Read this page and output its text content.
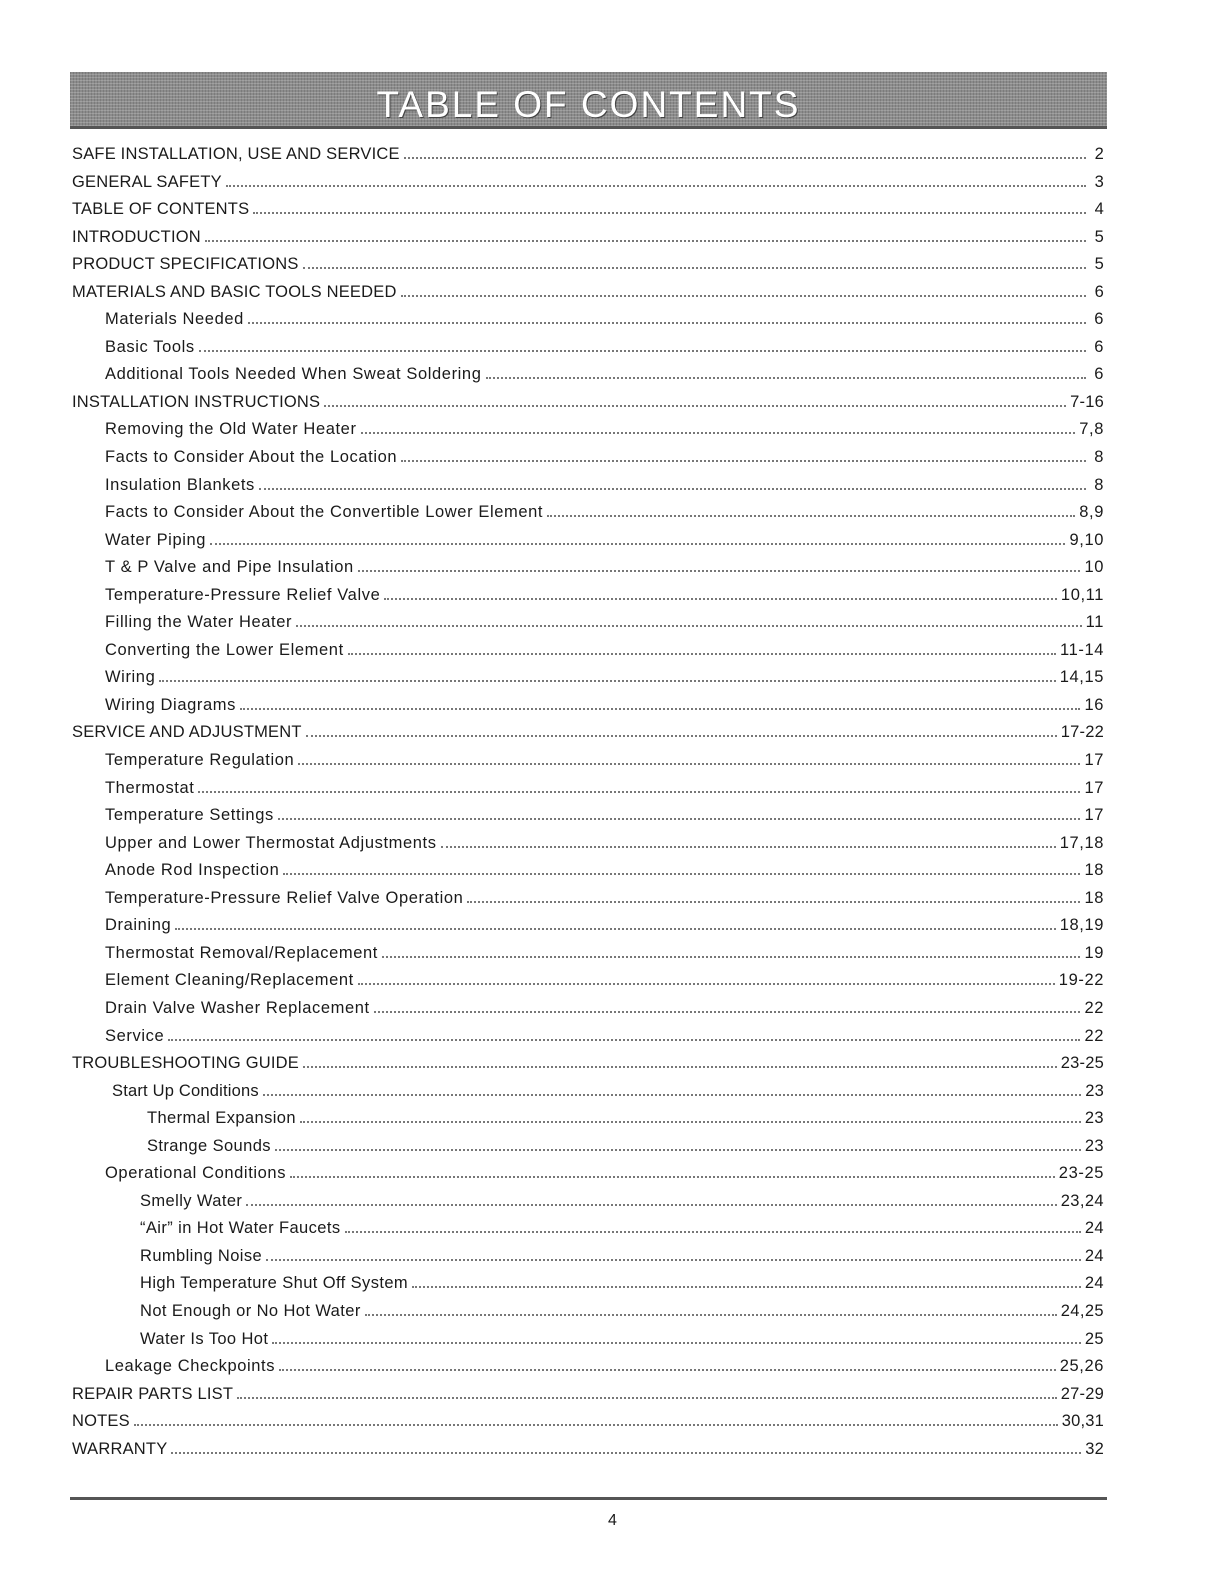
TABLE OF CONTENTS
SAFE INSTALLATION, USE AND SERVICE	2
GENERAL SAFETY	3
TABLE OF CONTENTS	4
INTRODUCTION	5
PRODUCT SPECIFICATIONS	5
MATERIALS AND BASIC TOOLS NEEDED	6
Materials Needed	6
Basic Tools	6
Additional Tools Needed When Sweat Soldering	6
INSTALLATION INSTRUCTIONS	7-16
Removing the Old Water Heater	7,8
Facts to Consider About the Location	8
Insulation Blankets	8
Facts to Consider About the Convertible Lower Element	8,9
Water Piping	9,10
T & P Valve and Pipe Insulation	10
Temperature-Pressure Relief Valve	10,11
Filling the Water Heater	11
Converting the Lower Element	11-14
Wiring	14,15
Wiring Diagrams	16
SERVICE AND ADJUSTMENT	17-22
Temperature Regulation	17
Thermostat	17
Temperature Settings	17
Upper and Lower Thermostat Adjustments	17,18
Anode Rod Inspection	18
Temperature-Pressure Relief Valve Operation	18
Draining	18,19
Thermostat Removal/Replacement	19
Element Cleaning/Replacement	19-22
Drain Valve Washer Replacement	22
Service	22
TROUBLESHOOTING GUIDE	23-25
Start Up Conditions	23
Thermal Expansion	23
Strange Sounds	23
Operational Conditions	23-25
Smelly Water	23,24
“Air” in Hot Water Faucets	24
Rumbling Noise	24
High Temperature Shut Off System	24
Not Enough or No Hot Water	24,25
Water Is Too Hot	25
Leakage Checkpoints	25,26
REPAIR PARTS LIST	27-29
NOTES	30,31
WARRANTY	32
4
